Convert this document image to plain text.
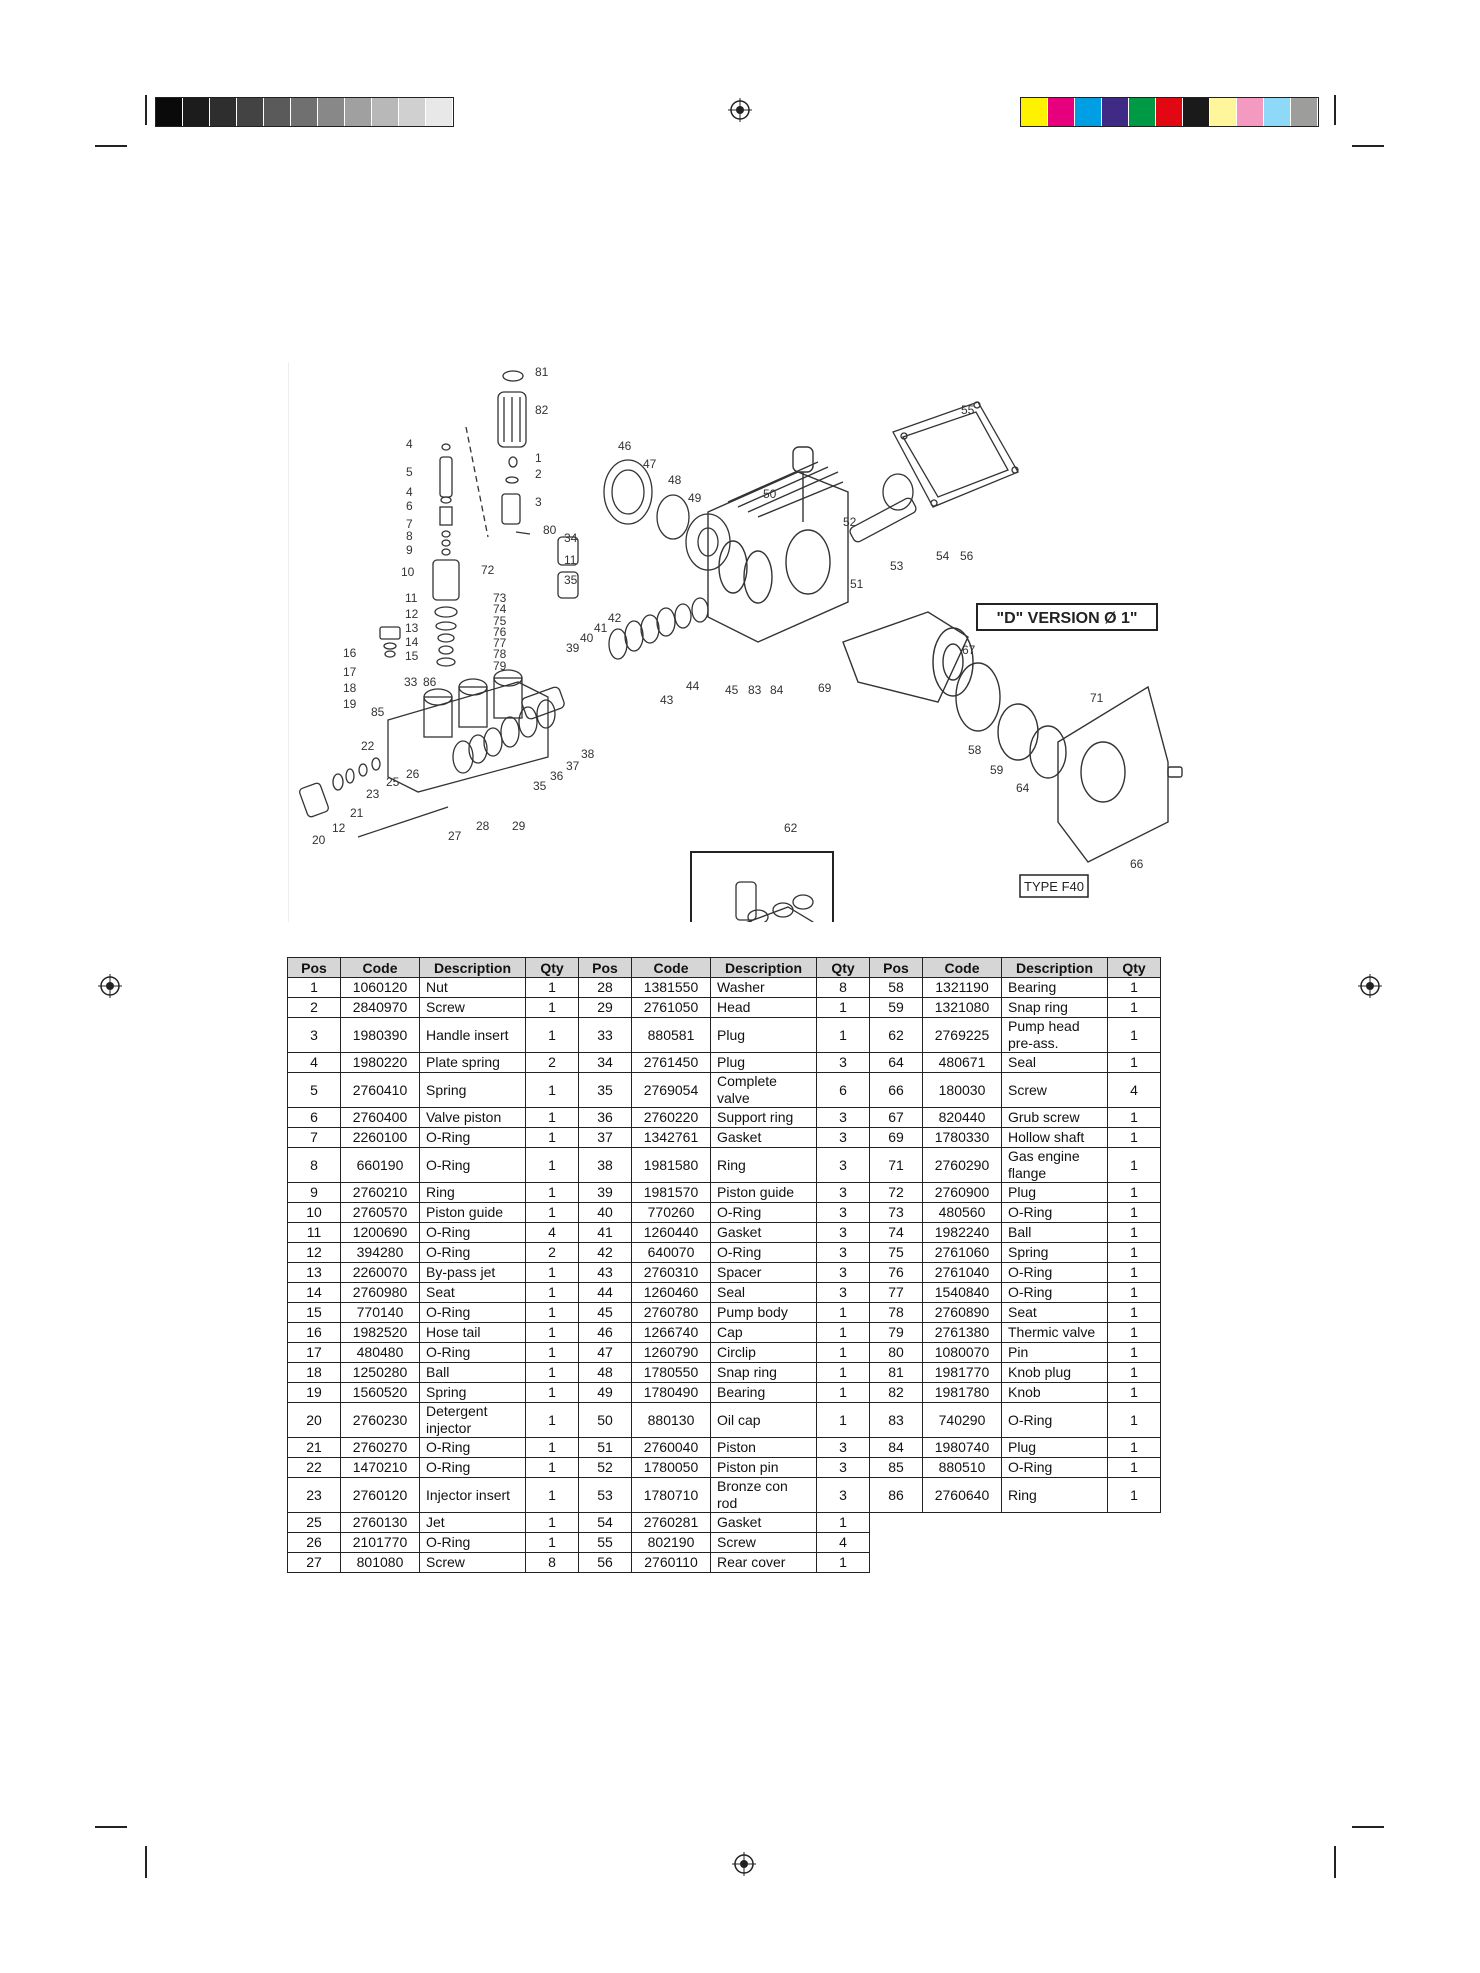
81
82
4
5
4
6
7
8
9
10
11
12
13
14
15
1
2
3
80
46
47
48
49	50
55
52
51
53
54 56
72
73
74
75
76
77
78
79
86
33
16
17
18
19
85
34
11
35
42
41
40
39
44
43
45 83 84	69
67
71
22
20
12
21
23
25
26
27
28 29
35
36
37
38	58
59
64
62
66
"D" VERSION Ø 1"
TYPE F40
Pos	Code	Description	Qty	Pos	Code	Description	Qty	Pos	Code	Description	Qty
1	1060120	Nut	1	28	1381550	Washer	8	58	1321190	Bearing	1
2	2840970	Screw	1	29	2761050	Head	1	59	1321080	Snap ring	1
3	1980390	Handle insert	1	33	880581	Plug	1	62	2769225	Pump head pre-ass.	1
4	1980220	Plate spring	2	34	2761450	Plug	3	64	480671	Seal	1
5	2760410	Spring	1	35	2769054	Complete valve	6	66	180030	Screw	4
6	2760400	Valve piston	1	36	2760220	Support ring	3	67	820440	Grub screw	1
7	2260100	O-Ring	1	37	1342761	Gasket	3	69	1780330	Hollow shaft	1
8	660190	O-Ring	1	38	1981580	Ring	3	71	2760290	Gas engine flange	1
9	2760210	Ring	1	39	1981570	Piston guide	3	72	2760900	Plug	1
10	2760570	Piston guide	1	40	770260	O-Ring	3	73	480560	O-Ring	1
11	1200690	O-Ring	4	41	1260440	Gasket	3	74	1982240	Ball	1
12	394280	O-Ring	2	42	640070	O-Ring	3	75	2761060	Spring	1
13	2260070	By-pass jet	1	43	2760310	Spacer	3	76	2761040	O-Ring	1
14	2760980	Seat	1	44	1260460	Seal	3	77	1540840	O-Ring	1
15	770140	O-Ring	1	45	2760780	Pump body	1	78	2760890	Seat	1
16	1982520	Hose tail	1	46	1266740	Cap	1	79	2761380	Thermic valve	1
17	480480	O-Ring	1	47	1260790	Circlip	1	80	1080070	Pin	1
18	1250280	Ball	1	48	1780550	Snap ring	1	81	1981770	Knob plug	1
19	1560520	Spring	1	49	1780490	Bearing	1	82	1981780	Knob	1
20	2760230	Detergent injector	1	50	880130	Oil cap	1	83	740290	O-Ring	1
21	2760270	O-Ring	1	51	2760040	Piston	3	84	1980740	Plug	1
22	1470210	O-Ring	1	52	1780050	Piston pin	3	85	880510	O-Ring	1
23	2760120	Injector insert	1	53	1780710	Bronze con rod	3	86	2760640	Ring	1
25	2760130	Jet	1	54	2760281	Gasket	1				
26	2101770	O-Ring	1	55	802190	Screw	4				
27	801080	Screw	8	56	2760110	Rear cover	1				
